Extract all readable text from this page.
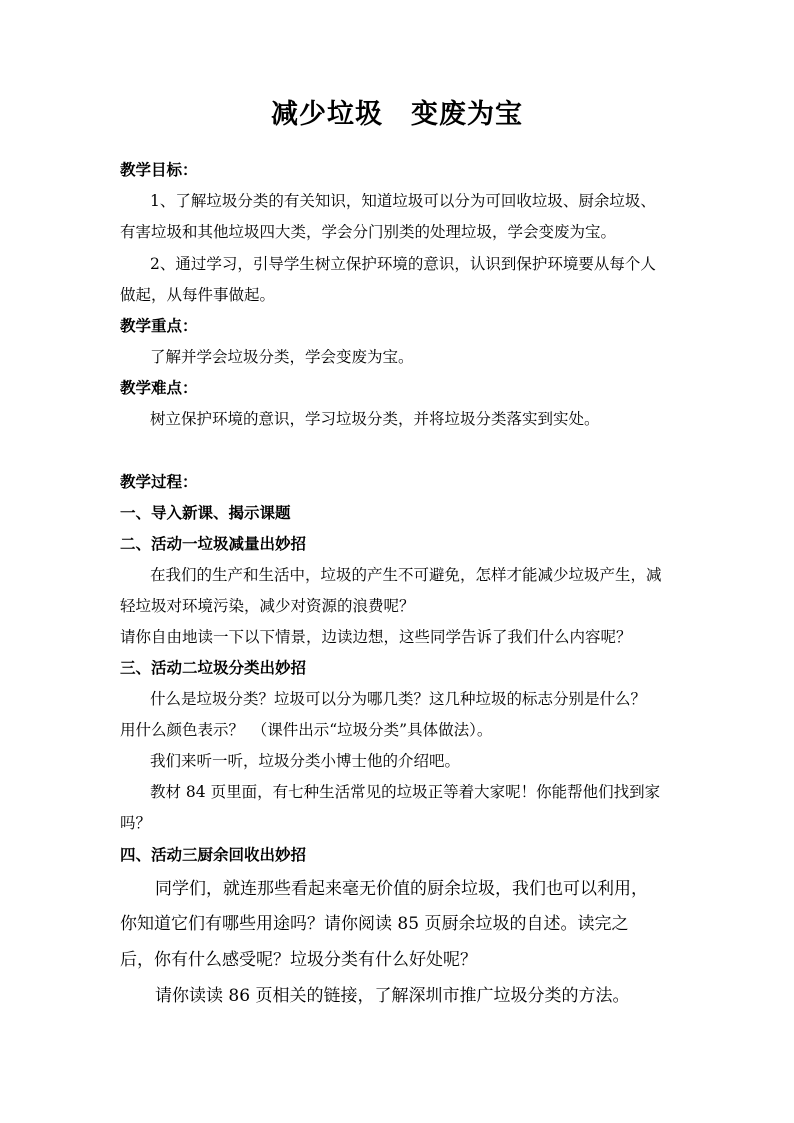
减少垃圾　变废为宝
教学目标：
1、了解垃圾分类的有关知识，知道垃圾可以分为可回收垃圾、厨余垃圾、
有害垃圾和其他垃圾四大类，学会分门别类的处理垃圾，学会变废为宝。
2、通过学习，引导学生树立保护环境的意识，认识到保护环境要从每个人
做起，从每件事做起。
教学重点：
了解并学会垃圾分类，学会变废为宝。
教学难点：
树立保护环境的意识，学习垃圾分类，并将垃圾分类落实到实处。
教学过程：
一、导入新课、揭示课题
二、活动一垃圾减量出妙招
在我们的生产和生活中，垃圾的产生不可避免，怎样才能减少垃圾产生，减
轻垃圾对环境污染，减少对资源的浪费呢？
请你自由地读一下以下情景，边读边想，这些同学告诉了我们什么内容呢？
三、活动二垃圾分类出妙招
什么是垃圾分类？垃圾可以分为哪几类？这几种垃圾的标志分别是什么？
用什么颜色表示？　（课件出示“垃圾分类”具体做法）。
我们来听一听，垃圾分类小博士他的介绍吧。
教材 84 页里面，有七种生活常见的垃圾正等着大家呢！你能帮他们找到家
吗？
四、活动三厨余回收出妙招
同学们，就连那些看起来毫无价值的厨余垃圾，我们也可以利用，
你知道它们有哪些用途吗？请你阅读 85 页厨余垃圾的自述。读完之
后，你有什么感受呢？垃圾分类有什么好处呢？
请你读读 86 页相关的链接，了解深圳市推广垃圾分类的方法。
